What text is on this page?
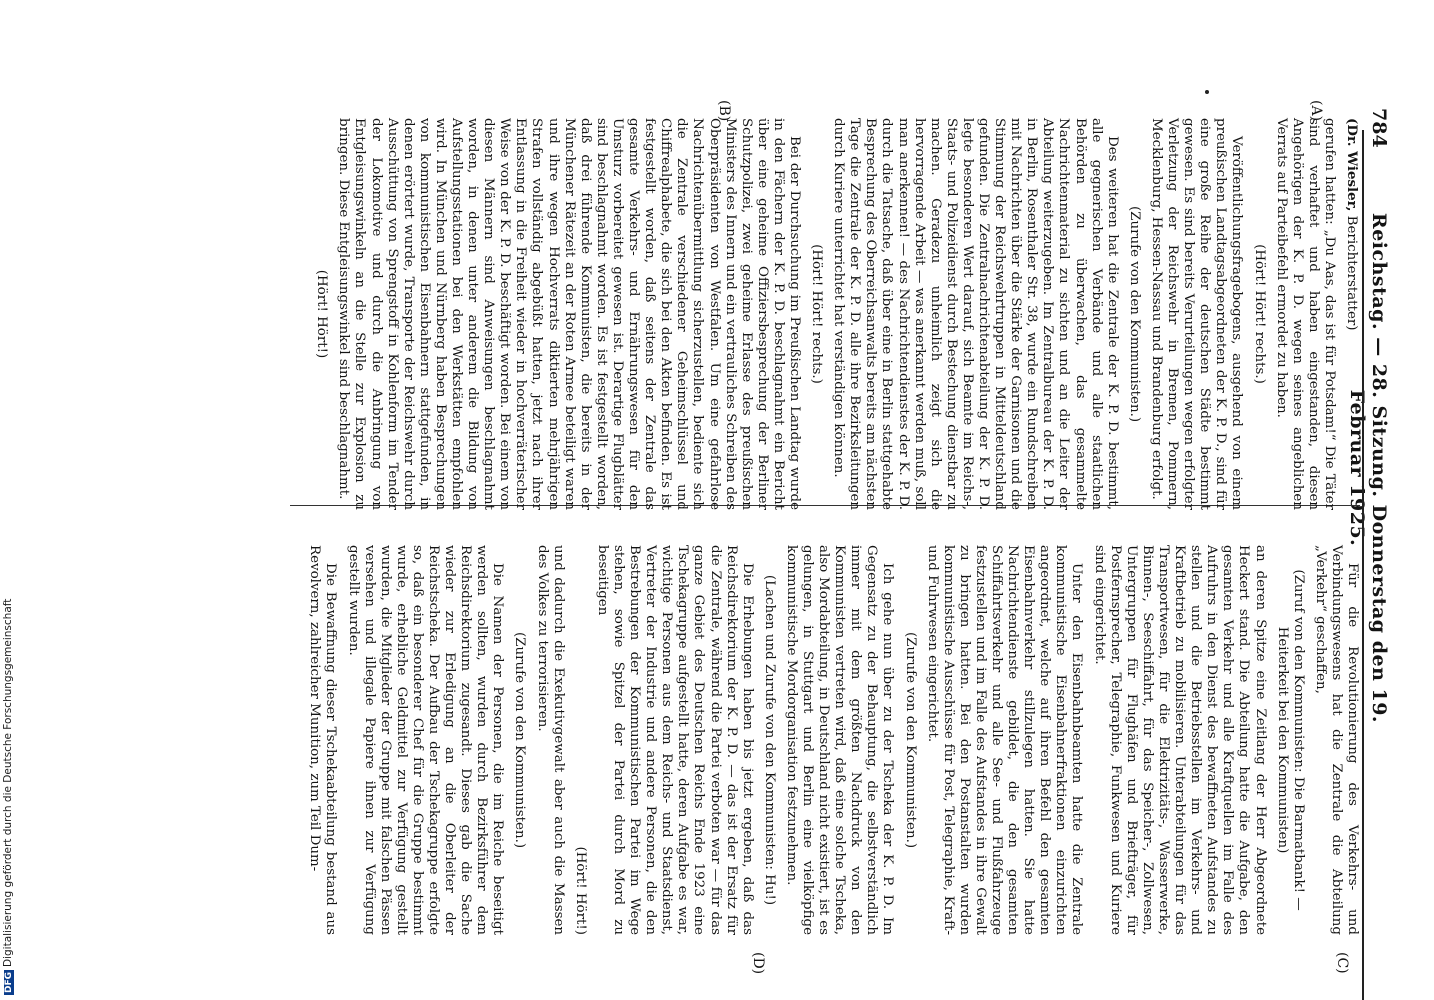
784
Reichstag. — 28. Sitzung. Donnerstag den 19. Februar 1925.
(A)
(B)
(C)
(D)

(Dr. Wiesler, Berichterstatter)

gerufen hatten: „Du Aas, das ist für Potsdam!“ Die Täter sind verhaftet und haben eingestanden, diesen Angehörigen der K. P. D. wegen seines angeblichen Verrats auf Parteibefehl ermordet zu haben.

(Hört! Hört! rechts.)

Veröffentlichungsfragebogens, ausgehend von einem preußischen Landtagsabgeordneten der K. P. D., sind für eine große Reihe der deutschen Städte bestimmt gewesen. Es sind bereits Verurteilungen wegen erfolgter Verletzung der Reichswehr in Bremen, Pommern, Mecklenburg, Hessen-Nassau und Brandenburg erfolgt.

(Zurufe von den Kommunisten.)

Des weiteren hat die Zentrale der K. P. D. bestimmt, alle gegnerischen Verbände und alle staatlichen Behörden zu überwachen, das gesammelte Nachrichtenmaterial zu sichten und an die Leiter der Abteilung weiterzugeben. Im Zentralbureau der K. P. D. in Berlin, Rosenthaler Str. 38, wurde ein Rundschreiben mit Nachrichten über die Stärke der Garnisonen und die Stimmung der Reichswehrtruppen in Mitteldeutschland gefunden. Die Zentralnachrichtenabteilung der K. P. D. legte besonderen Wert darauf, sich Beamte im Reichs-, Staats- und Polizeidienst durch Bestechung dienstbar zu machen. Geradezu unheimlich zeigt sich die hervorragende Arbeit — was anerkannt werden muß, soll man anerkennen! — des Nachrichtendienstes der K. P. D. durch die Tatsache, daß über eine in Berlin stattgehabte Besprechung des Oberreichsanwalts bereits am nächsten Tage die Zentrale der K. P. D. alle ihre Bezirksleitungen durch Kuriere unterrichtet hat verständigen können.

(Hört! Hört! rechts.)

Bei der Durchsuchung im Preußischen Landtag wurde in den Fächern der K. P. D. beschlagnahmt ein Bericht über eine geheime Offiziersbesprechung der Berliner Schutzpolizei, zwei geheime Erlasse des preußischen Ministers des Innern und ein vertrauliches Schreiben des Oberpräsidenten von Westfalen. Um eine gefahrlose Nachrichtenübermittlung sicherzustellen, bediente sich die Zentrale verschiedener Geheimschlüssel und Chiffrealphabete, die sich bei den Akten befinden. Es ist festgestellt worden, daß seitens der Zentrale das gesamte Verkehrs- und Ernährungswesen für den Umsturz vorbereitet gewesen ist. Derartige Flugblätter sind beschlagnahmt worden. Es ist festgestellt worden, daß drei führende Kommunisten, die bereits in der Münchener Rätezeit an der Roten Armee beteiligt waren und ihre wegen Hochverrats diktierten mehrjährigen Strafen vollständig abgebüßt hatten, jetzt nach ihrer Entlassung in die Freiheit wieder in hochverräterischer Weise von der K. P. D. beschäftigt worden. Bei einem von diesen Männern sind Anweisungen beschlagnahmt worden, in denen unter anderem die Bildung von Aufstellungsstationen bei den Werkstätten empfohlen wird. In München und Nürnberg haben Besprechungen von kommunistischen Eisenbahnern stattgefunden, in denen erörtert wurde, Transporte der Reichswehr durch Ausschüttung von Sprengstoff in Kohlenform im Tender der Lokomotive und durch die Anbringung von Entgleisungswinkeln an die Stelle zur Explosion zu bringen. Diese Entgleisungswinkel sind beschlagnahmt.

(Hört! Hört!)

Für die Revolutionierung des Verkehrs- und Verbindungswesens hat die Zentrale die Abteilung „Verkehr“ geschaffen,

(Zuruf von den Kommunisten: Die Barmatbank! — Heiterkeit bei den Kommunisten)

an deren Spitze eine Zeitlang der Herr Abgeordnete Heckert stand. Die Abteilung hatte die Aufgabe, den gesamten Verkehr und alle Kraftquellen im Falle des Aufruhrs in den Dienst des bewaffneten Aufstandes zu stellen und die Betriebsstellen im Verkehrs- und Kraftbetrieb zu mobilisieren. Unterabteilungen für das Transportwesen, für die Elektrizitäts-, Wasserwerke, Binnen-, Seeschiffahrt, für das Speicher-, Zollwesen, Untergruppen für Flughäfen und Briefträger, für Postfernsprecher, Telegraphie, Funkwesen und Kuriere sind eingerichtet.

Unter den Eisenbahnbeamten hatte die Zentrale kommunistische Eisenbahnerfraktionen einzurichten angeordnet, welche auf ihren Befehl den gesamten Eisenbahnverkehr stillzulegen hatten. Sie hatte Nachrichtendienste gebildet, die den gesamten Schiffahrtsverkehr und alle See- und Flußfahrzeuge festzustellen und im Falle des Aufstandes in ihre Gewalt zu bringen hatten. Bei den Postanstalten wurden kommunistische Ausschüsse für Post, Telegraphie, Kraft- und Fuhrwesen eingerichtet.

(Zurufe von den Kommunisten.)

Ich gehe nun über zu der Tscheka der K. P. D. Im Gegensatz zu der Behauptung, die selbstverständlich immer mit dem größten Nachdruck von den Kommunisten vertreten wird, daß eine solche Tscheka, also Mordabteilung, in Deutschland nicht existiert, ist es gelungen, in Stuttgart und Berlin eine vielköpfige kommunistische Mordorganisation festzunehmen.

(Lachen und Zurufe von den Kommunisten: Hu!)

Die Erhebungen haben bis jetzt ergeben, daß das Reichsdirektorium der K. P. D. — das ist der Ersatz für die Zentrale, während die Partei verboten war — für das ganze Gebiet des Deutschen Reichs Ende 1923 eine Tschekagruppe aufgestellt hatte, deren Aufgabe es war, wichtige Personen aus dem Reichs- und Staatsdienst, Vertreter der Industrie und andere Personen, die den Bestrebungen der Kommunistischen Partei im Wege stehen, sowie Spitzel der Partei durch Mord zu beseitigen

(Hört! Hört!)

und dadurch die Exekutivgewalt aber auch die Massen des Volkes zu terrorisieren.

(Zurufe von den Kommunisten.)

Die Namen der Personen, die im Reiche beseitigt werden sollten, wurden durch Bezirksführer dem Reichsdirektorium zugesandt. Dieses gab die Sache wieder zur Erledigung an die Oberleiter der Reichstscheka. Der Aufbau der Tschekagruppe erfolgte so, daß ein besonderer Chef für die Gruppe bestimmt wurde, erhebliche Geldmittel zur Verfügung gestellt wurden, die Mitglieder der Gruppe mit falschen Pässen versehen und illegale Papiere ihnen zur Verfügung gestellt wurden.

Die Bewaffnung dieser Tschekaabteilung bestand aus Revolvern, zahlreicher Munition, zum Teil Dum-

DFGDigitalisierung gefördert durch die Deutsche Forschungsgemeinschaft
